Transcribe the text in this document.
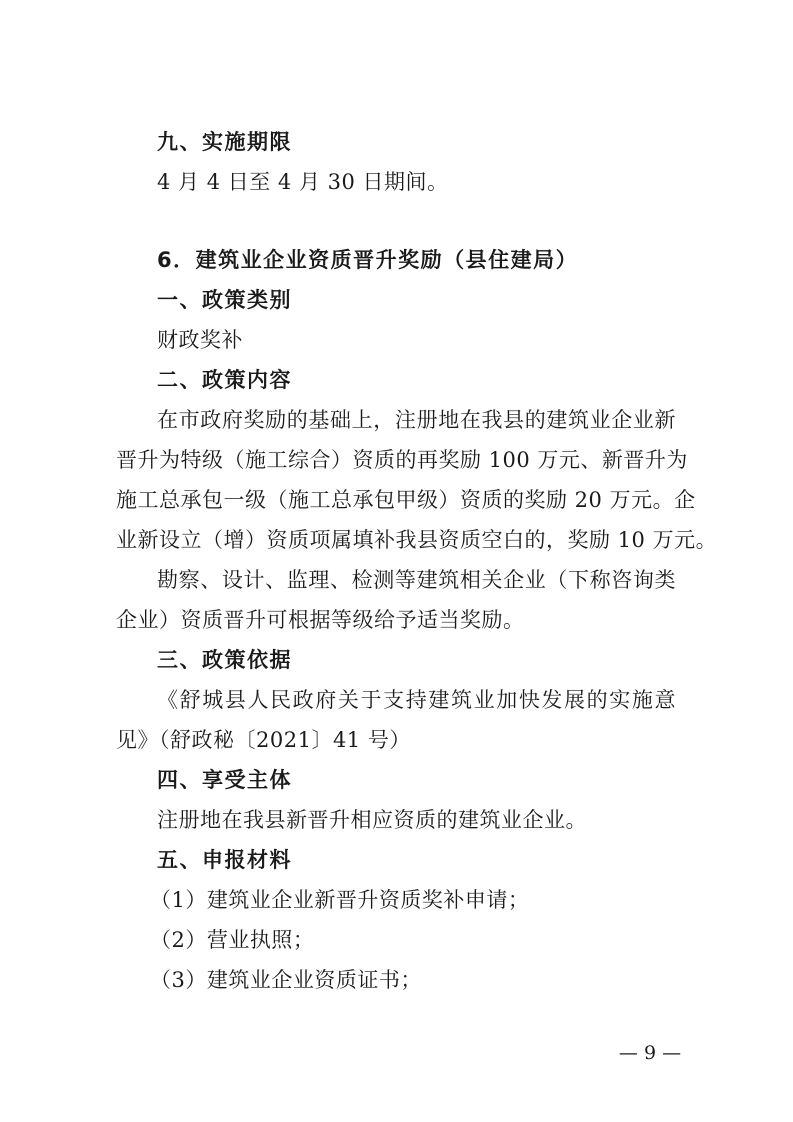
九、实施期限
4 月 4 日至 4 月 30 日期间。
6．建筑业企业资质晋升奖励（县住建局）
一、政策类别
财政奖补
二、政策内容
在市政府奖励的基础上，注册地在我县的建筑业企业新
晋升为特级（施工综合）资质的再奖励 100 万元、新晋升为
施工总承包一级（施工总承包甲级）资质的奖励 20 万元。企
业新设立（增）资质项属填补我县资质空白的，奖励 10 万元。
勘察、设计、监理、检测等建筑相关企业（下称咨询类
企业）资质晋升可根据等级给予适当奖励。
三、政策依据
《舒城县人民政府关于支持建筑业加快发展的实施意
见》（舒政秘〔2021〕41 号）
四、享受主体
注册地在我县新晋升相应资质的建筑业企业。
五、申报材料
（1）建筑业企业新晋升资质奖补申请；
（2）营业执照；
（3）建筑业企业资质证书；
— 9 —
